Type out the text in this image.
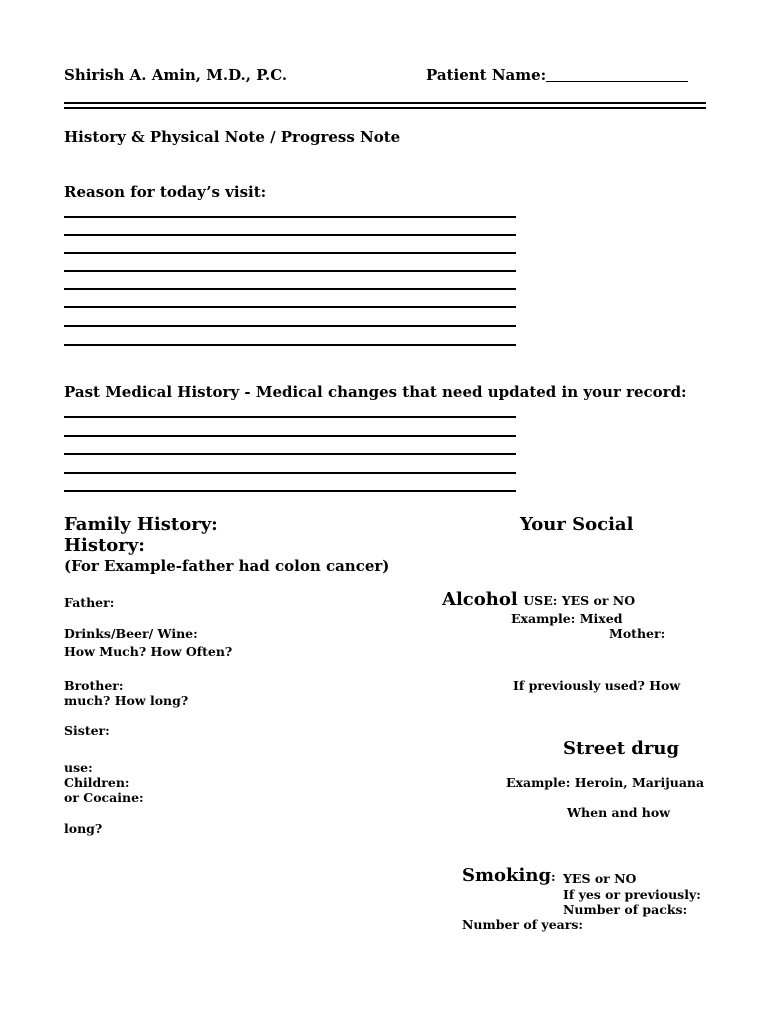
Shirish A. Amin, M.D., P.C.	Patient Name:
History & Physical Note / Progress Note
Reason for today’s visit:
Past Medical History - Medical changes that need updated in your record:
Family History:
History:
(For Example-father had colon cancer)
Father:
Drinks/Beer/ Wine:
How Much? How Often?
Brother:
much? How long?
Sister:
use:
Children:
or Cocaine:
long?
Your Social
Alcohol USE: YES or NO
Example: Mixed
Mother:
If previously used? How
Street drug
Example: Heroin, Marijuana
When and how
Smoking: YES or NO
If yes or previously:
Number of packs:
Number of years:
